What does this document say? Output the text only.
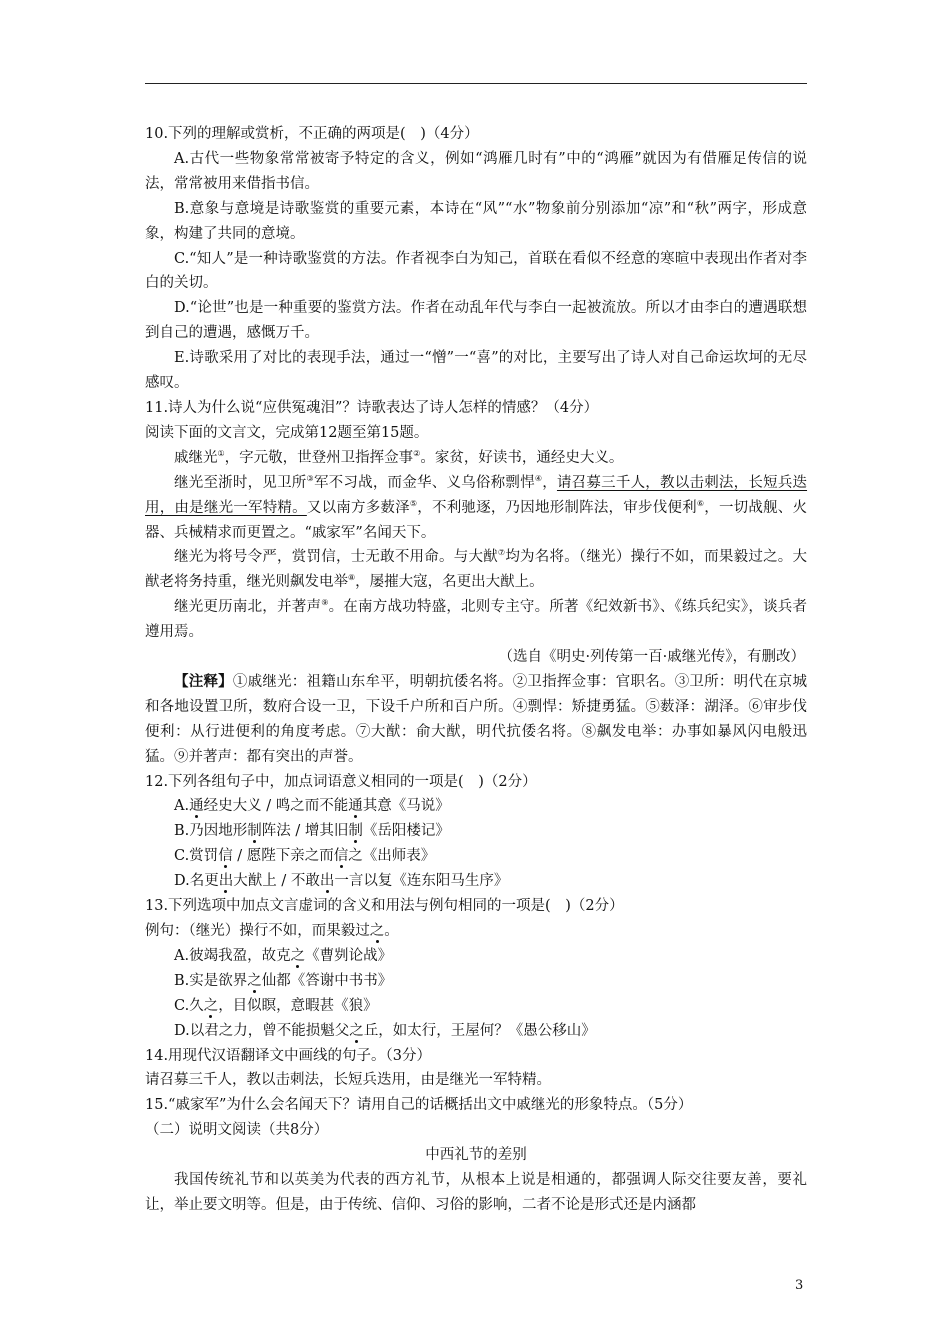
10.下列的理解或赏析，不正确的两项是(　)（4分）

A.古代一些物象常常被寄予特定的含义，例如“鸿雁几时有”中的“鸿雁”就因为有借雁足传信的说法，常常被用来借指书信。

B.意象与意境是诗歌鉴赏的重要元素，本诗在“风”“水”物象前分别添加“凉”和“秋”两字，形成意象，构建了共同的意境。

C.“知人”是一种诗歌鉴赏的方法。作者视李白为知己，首联在看似不经意的寒暄中表现出作者对李白的关切。

D.“论世”也是一种重要的鉴赏方法。作者在动乱年代与李白一起被流放。所以才由李白的遭遇联想到自己的遭遇，感慨万千。

E.诗歌采用了对比的表现手法，通过一“憎”一“喜”的对比，主要写出了诗人对自己命运坎坷的无尽感叹。

11.诗人为什么说“应供冤魂泪”？诗歌表达了诗人怎样的情感？（4分）

阅读下面的文言文，完成第12题至第15题。

戚继光①，字元敬，世登州卫指挥佥事②。家贫，好读书，通经史大义。

继光至浙时，见卫所③军不习战，而金华、义乌俗称剽悍④，请召募三千人，教以击刺法，长短兵迭用，由是继光一军特精。又以南方多薮泽⑤，不利驰逐，乃因地形制阵法，审步伐便利⑥，一切战舰、火器、兵械精求而更置之。“戚家军”名闻天下。

继光为将号令严，赏罚信，士无敢不用命。与大猷⑦均为名将。（继光）操行不如，而果毅过之。大猷老将务持重，继光则飙发电举⑧，屡摧大寇，名更出大猷上。

继光更历南北，并著声⑨。在南方战功特盛，北则专主守。所著《纪效新书》、《练兵纪实》，谈兵者遵用焉。

（选自《明史·列传第一百·戚继光传》，有删改）

【注释】①戚继光：祖籍山东牟平，明朝抗倭名将。②卫指挥佥事：官职名。③卫所：明代在京城和各地设置卫所，数府合设一卫，下设千户所和百户所。④剽悍：矫捷勇猛。⑤薮泽：湖泽。⑥审步伐便利：从行进便利的角度考虑。⑦大猷：俞大猷，明代抗倭名将。⑧飙发电举：办事如暴风闪电般迅猛。⑨并著声：都有突出的声誉。

12.下列各组句子中，加点词语意义相同的一项是(　)（2分）

A.通经史大义 / 鸣之而不能通其意《马说》

B.乃因地形制阵法 / 增其旧制《岳阳楼记》

C.赏罚信 / 愿陛下亲之而信之《出师表》

D.名更出大猷上 / 不敢出一言以复《连东阳马生序》

13.下列选项中加点文言虚词的含义和用法与例句相同的一项是(　)（2分）

例句：（继光）操行不如，而果毅过之。

A.彼竭我盈，故克之《曹刿论战》

B.实是欲界之仙都《答谢中书书》

C.久之，目似瞑，意暇甚《狼》

D.以君之力，曾不能损魁父之丘，如太行，王屋何？《愚公移山》

14.用现代汉语翻译文中画线的句子。（3分）

请召募三千人，教以击刺法，长短兵迭用，由是继光一军特精。

15.“戚家军”为什么会名闻天下？请用自己的话概括出文中戚继光的形象特点。（5分）

（二）说明文阅读（共8分）

中西礼节的差别

我国传统礼节和以英美为代表的西方礼节，从根本上说是相通的，都强调人际交往要友善，要礼让，举止要文明等。但是，由于传统、信仰、习俗的影响，二者不论是形式还是内涵都

3
